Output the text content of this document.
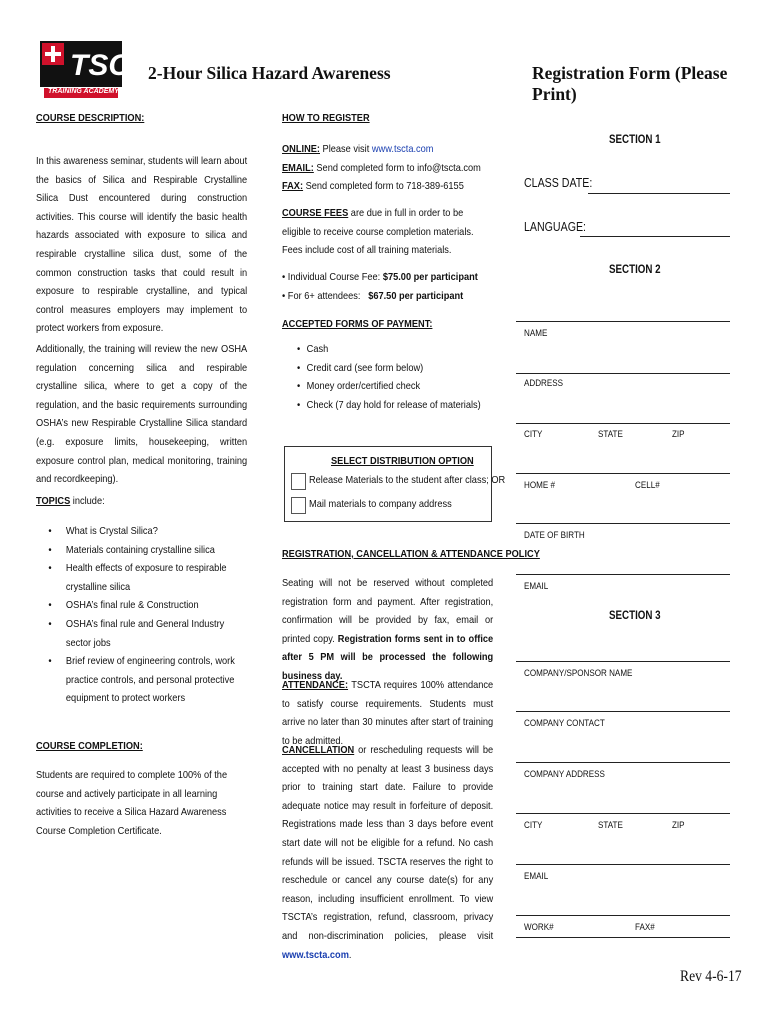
TSC
TRAINING ACADEMY
2-Hour Silica Hazard Awareness	Registration Form (Please Print)
COURSE DESCRIPTION:
In this awareness seminar, students will learn about the basics of Silica and Respirable Crystalline Silica Dust encountered during construction activities. This course will identify the basic health hazards associated with exposure to silica and respirable crystalline silica dust, some of the common construction tasks that could result in exposure to respirable crystalline, and typical control measures employers may implement to protect workers from exposure.
Additionally, the training will review the new OSHA regulation concerning silica and respirable crystalline silica, where to get a copy of the regulation, and the basic requirements surrounding OSHA’s new Respirable Crystalline Silica standard (e.g. exposure limits, housekeeping, written exposure control plan, medical monitoring, training and recordkeeping).
TOPICS include:
• What is Crystal Silica?
• Materials containing crystalline silica
• Health effects of exposure to respirable crystalline silica
• OSHA’s final rule & Construction
• OSHA’s final rule and General Industry sector jobs
• Brief review of engineering controls, work practice controls, and personal protective equipment to protect workers
COURSE COMPLETION:
Students are required to complete 100% of the course and actively participate in all learning activities to receive a Silica Hazard Awareness Course Completion Certificate.
HOW TO REGISTER
ONLINE: Please visit www.tscta.com
EMAIL: Send completed form to info@tscta.com
FAX: Send completed form to 718-389-6155
COURSE FEES are due in full in order to be eligible to receive course completion materials. Fees include cost of all training materials.
• Individual Course Fee: $75.00 per participant
• For 6+ attendees:   $67.50 per participant
ACCEPTED FORMS OF PAYMENT:
• Cash
• Credit card (see form below)
• Money order/certified check
• Check (7 day hold for release of materials)
SELECT DISTRIBUTION OPTION
Release Materials to the student after class; OR
Mail materials to company address
REGISTRATION, CANCELLATION & ATTENDANCE POLICY
Seating will not be reserved without completed registration form and payment. After registration, confirmation will be provided by fax, email or printed copy. Registration forms sent in to office after 5 PM will be processed the following business day.
ATTENDANCE: TSCTA requires 100% attendance to satisfy course requirements. Students must arrive no later than 30 minutes after start of training to be admitted.
CANCELLATION or rescheduling requests will be accepted with no penalty at least 3 business days prior to training start date. Failure to provide adequate notice may result in forfeiture of deposit. Registrations made less than 3 days before event start date will not be eligible for a refund. No cash refunds will be issued. TSCTA reserves the right to reschedule or cancel any course date(s) for any reason, including insufficient enrollment. To view TSCTA’s registration, refund, classroom, privacy and non-discrimination policies, please visit www.tscta.com.
SECTION 1
CLASS DATE:
LANGUAGE:
SECTION 2
NAME
ADDRESS
CITY	STATE	ZIP
HOME #	CELL#
DATE OF BIRTH
EMAIL
SECTION 3
COMPANY/SPONSOR NAME
COMPANY CONTACT
COMPANY ADDRESS
CITY	STATE	ZIP
EMAIL
WORK#	FAX#
Rev 4-6-17
